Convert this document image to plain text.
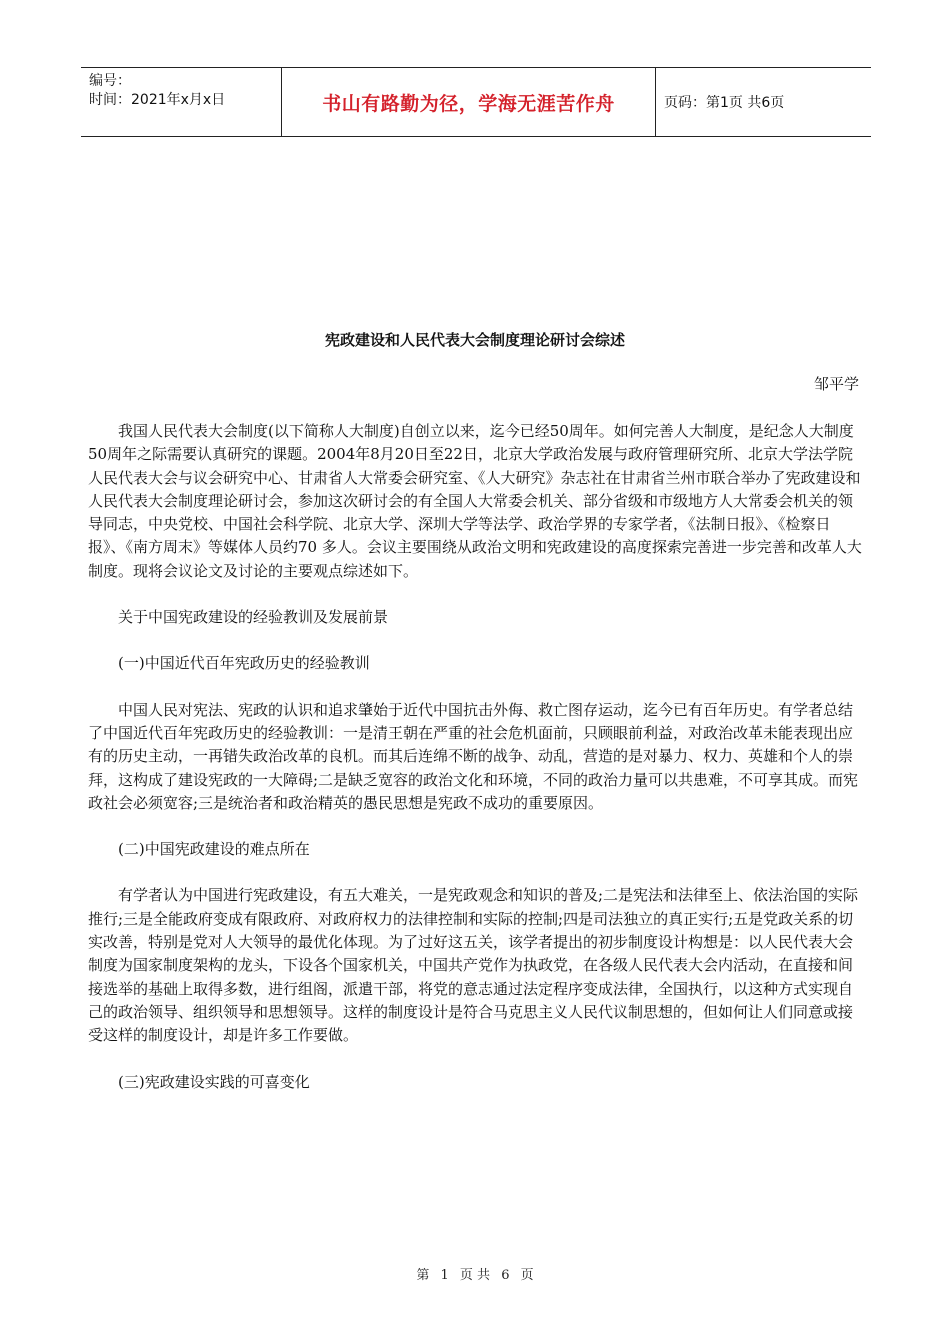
编号：
时间：2021年x月x日	书山有路勤为径，学海无涯苦作舟	页码：第1页 共6页
宪政建设和人民代表大会制度理论研讨会综述
邹平学

我国人民代表大会制度(以下简称人大制度)自创立以来，迄今已经50周年。如何完善人大制度，是纪念人大制度50周年之际需要认真研究的课题。2004年8月20日至22日，北京大学政治发展与政府管理研究所、北京大学法学院人民代表大会与议会研究中心、甘肃省人大常委会研究室、《人大研究》杂志社在甘肃省兰州市联合举办了宪政建设和人民代表大会制度理论研讨会，参加这次研讨会的有全国人大常委会机关、部分省级和市级地方人大常委会机关的领导同志，中央党校、中国社会科学院、北京大学、深圳大学等法学、政治学界的专家学者，《法制日报》、《检察日报》、《南方周末》等媒体人员约70 多人。会议主要围绕从政治文明和宪政建设的高度探索完善进一步完善和改革人大制度。现将会议论文及讨论的主要观点综述如下。

关于中国宪政建设的经验教训及发展前景

(一)中国近代百年宪政历史的经验教训

中国人民对宪法、宪政的认识和追求肇始于近代中国抗击外侮、救亡图存运动，迄今已有百年历史。有学者总结了中国近代百年宪政历史的经验教训：一是清王朝在严重的社会危机面前，只顾眼前利益，对政治改革未能表现出应有的历史主动，一再错失政治改革的良机。而其后连绵不断的战争、动乱，营造的是对暴力、权力、英雄和个人的崇拜，这构成了建设宪政的一大障碍;二是缺乏宽容的政治文化和环境，不同的政治力量可以共患难，不可享其成。而宪政社会必须宽容;三是统治者和政治精英的愚民思想是宪政不成功的重要原因。

(二)中国宪政建设的难点所在

有学者认为中国进行宪政建设，有五大难关，一是宪政观念和知识的普及;二是宪法和法律至上、依法治国的实际推行;三是全能政府变成有限政府、对政府权力的法律控制和实际的控制;四是司法独立的真正实行;五是党政关系的切实改善，特别是党对人大领导的最优化体现。为了过好这五关，该学者提出的初步制度设计构想是：以人民代表大会制度为国家制度架构的龙头，下设各个国家机关，中国共产党作为执政党，在各级人民代表大会内活动，在直接和间接选举的基础上取得多数，进行组阁，派遣干部，将党的意志通过法定程序变成法律，全国执行，以这种方式实现自己的政治领导、组织领导和思想领导。这样的制度设计是符合马克思主义人民代议制思想的，但如何让人们同意或接受这样的制度设计，却是许多工作要做。

(三)宪政建设实践的可喜变化

第 1 页 共 6 页
